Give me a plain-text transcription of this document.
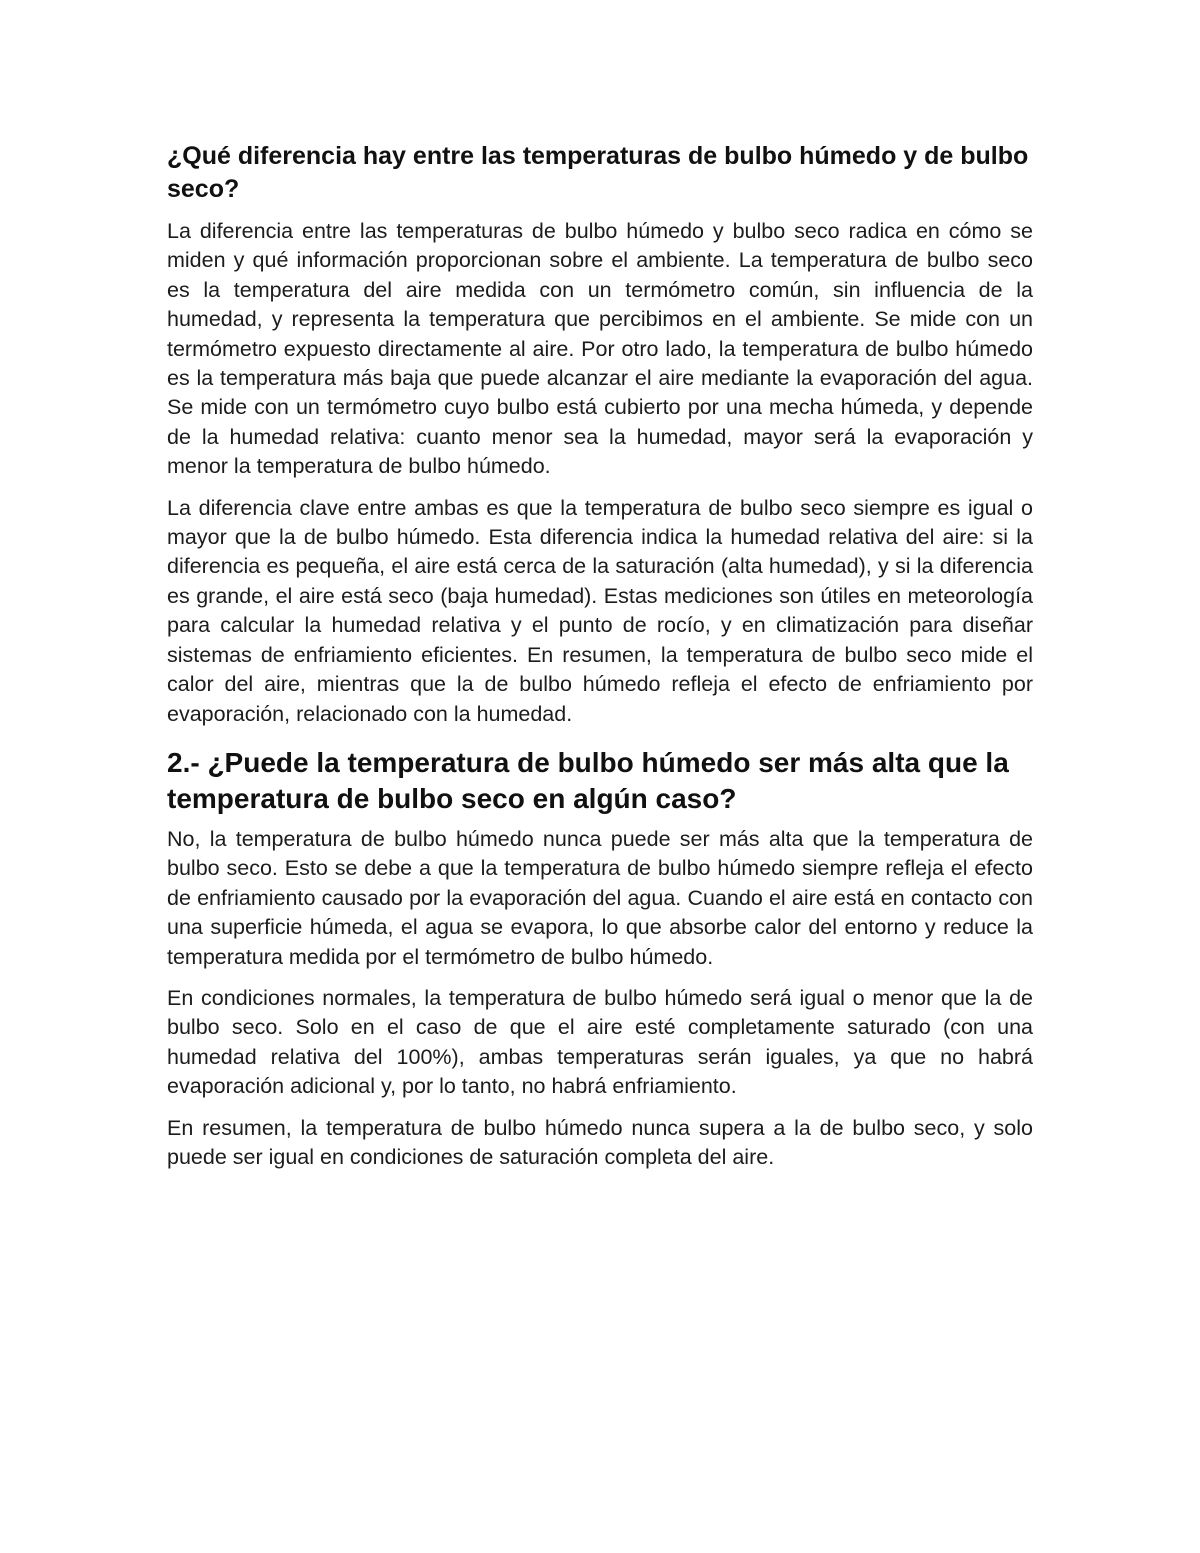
¿Qué diferencia hay entre las temperaturas de bulbo húmedo y de bulbo seco?

La diferencia entre las temperaturas de bulbo húmedo y bulbo seco radica en cómo se miden y qué información proporcionan sobre el ambiente. La temperatura de bulbo seco es la temperatura del aire medida con un termómetro común, sin influencia de la humedad, y representa la temperatura que percibimos en el ambiente. Se mide con un termómetro expuesto directamente al aire. Por otro lado, la temperatura de bulbo húmedo es la temperatura más baja que puede alcanzar el aire mediante la evaporación del agua. Se mide con un termómetro cuyo bulbo está cubierto por una mecha húmeda, y depende de la humedad relativa: cuanto menor sea la humedad, mayor será la evaporación y menor la temperatura de bulbo húmedo.

La diferencia clave entre ambas es que la temperatura de bulbo seco siempre es igual o mayor que la de bulbo húmedo. Esta diferencia indica la humedad relativa del aire: si la diferencia es pequeña, el aire está cerca de la saturación (alta humedad), y si la diferencia es grande, el aire está seco (baja humedad). Estas mediciones son útiles en meteorología para calcular la humedad relativa y el punto de rocío, y en climatización para diseñar sistemas de enfriamiento eficientes. En resumen, la temperatura de bulbo seco mide el calor del aire, mientras que la de bulbo húmedo refleja el efecto de enfriamiento por evaporación, relacionado con la humedad.

2.- ¿Puede la temperatura de bulbo húmedo ser más alta que la temperatura de bulbo seco en algún caso?

No, la temperatura de bulbo húmedo nunca puede ser más alta que la temperatura de bulbo seco. Esto se debe a que la temperatura de bulbo húmedo siempre refleja el efecto de enfriamiento causado por la evaporación del agua. Cuando el aire está en contacto con una superficie húmeda, el agua se evapora, lo que absorbe calor del entorno y reduce la temperatura medida por el termómetro de bulbo húmedo.

En condiciones normales, la temperatura de bulbo húmedo será igual o menor que la de bulbo seco. Solo en el caso de que el aire esté completamente saturado (con una humedad relativa del 100%), ambas temperaturas serán iguales, ya que no habrá evaporación adicional y, por lo tanto, no habrá enfriamiento.

En resumen, la temperatura de bulbo húmedo nunca supera a la de bulbo seco, y solo puede ser igual en condiciones de saturación completa del aire.
